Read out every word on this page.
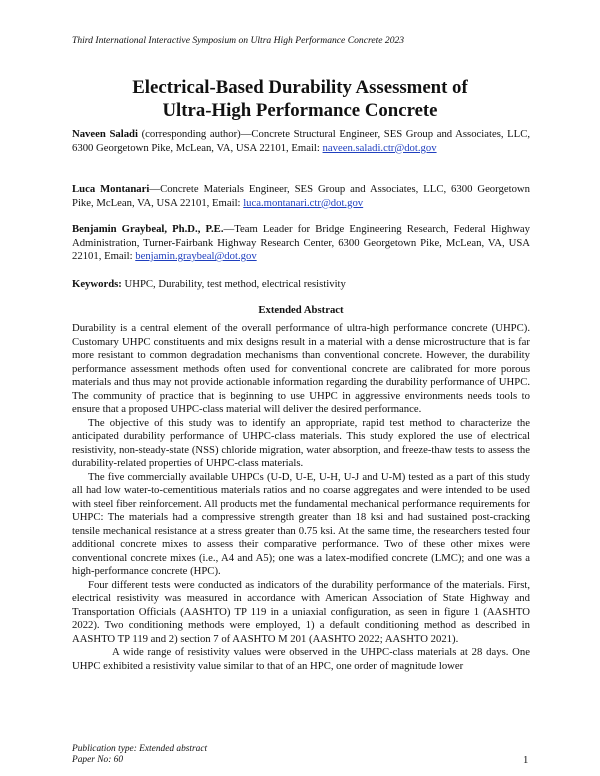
Third International Interactive Symposium on Ultra High Performance Concrete 2023
Electrical-Based Durability Assessment of
Ultra-High Performance Concrete
Naveen Saladi (corresponding author)—Concrete Structural Engineer, SES Group and Associates, LLC, 6300 Georgetown Pike, McLean, VA, USA 22101, Email: naveen.saladi.ctr@dot.gov
Luca Montanari—Concrete Materials Engineer, SES Group and Associates, LLC, 6300 Georgetown Pike, McLean, VA, USA 22101, Email: luca.montanari.ctr@dot.gov
Benjamin Graybeal, Ph.D., P.E.—Team Leader for Bridge Engineering Research, Federal Highway Administration, Turner-Fairbank Highway Research Center, 6300 Georgetown Pike, McLean, VA, USA 22101, Email: benjamin.graybeal@dot.gov
Keywords: UHPC, Durability, test method, electrical resistivity
Extended Abstract

Durability is a central element of the overall performance of ultra-high performance concrete (UHPC). Customary UHPC constituents and mix designs result in a material with a dense microstructure that is far more resistant to common degradation mechanisms than conventional concrete. However, the durability performance assessment methods often used for conventional concrete are calibrated for more porous materials and thus may not provide actionable information regarding the durability performance of UHPC. The community of practice that is beginning to use UHPC in aggressive environments needs tools to ensure that a proposed UHPC-class material will deliver the desired performance.

The objective of this study was to identify an appropriate, rapid test method to characterize the anticipated durability performance of UHPC-class materials. This study explored the use of electrical resistivity, non-steady-state (NSS) chloride migration, water absorption, and freeze-thaw tests to assess the durability-related properties of UHPC-class materials.

The five commercially available UHPCs (U-D, U-E, U-H, U-J and U-M) tested as a part of this study all had low water-to-cementitious materials ratios and no coarse aggregates and were intended to be used with steel fiber reinforcement. All products met the fundamental mechanical performance requirements for UHPC: The materials had a compressive strength greater than 18 ksi and had sustained post-cracking tensile mechanical resistance at a stress greater than 0.75 ksi. At the same time, the researchers tested four additional concrete mixes to assess their comparative performance. Two of these other mixes were conventional concrete mixes (i.e., A4 and A5); one was a latex-modified concrete (LMC); and one was a high-performance concrete (HPC).

Four different tests were conducted as indicators of the durability performance of the materials. First, electrical resistivity was measured in accordance with American Association of State Highway and Transportation Officials (AASHTO) TP 119 in a uniaxial configuration, as seen in figure 1 (AASHTO 2022). Two conditioning methods were employed, 1) a default conditioning method as described in AASHTO TP 119 and 2) section 7 of AASHTO M 201 (AASHTO 2022; AASHTO 2021).

A wide range of resistivity values were observed in the UHPC-class materials at 28 days. One UHPC exhibited a resistivity value similar to that of an HPC, one order of magnitude lower

Publication type: Extended abstract
Paper No: 60	1
